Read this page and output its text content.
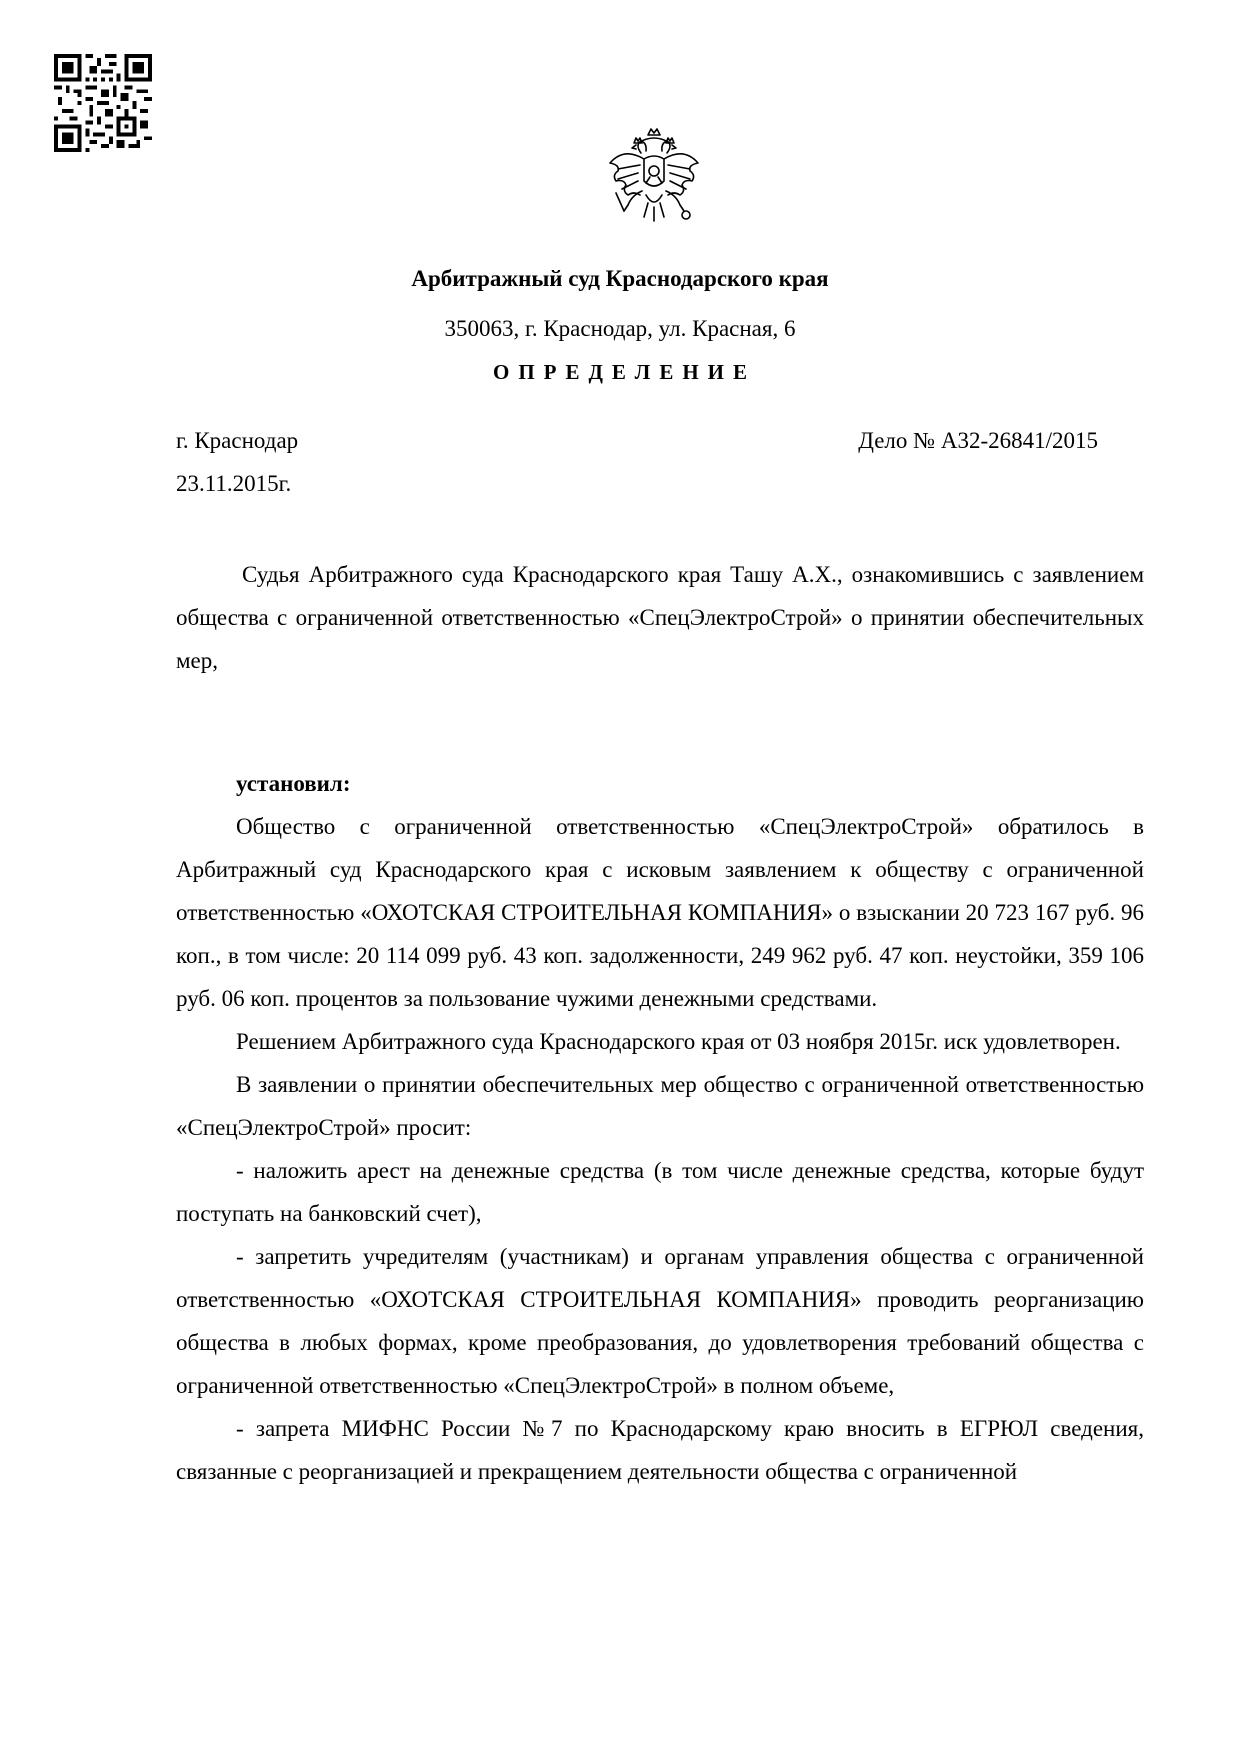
Арбитражный суд Краснодарского края
350063, г. Краснодар, ул. Красная, 6
ОПРЕДЕЛЕНИЕ
г. Краснодар	Дело № А32-26841/2015
23.11.2015г.

Судья Арбитражного суда Краснодарского края Ташу А.Х., ознакомившись с заявлением общества с ограниченной ответственностью «СпецЭлектроСтрой» о принятии обеспечительных мер,

установил:

Общество с ограниченной ответственностью «СпецЭлектроСтрой» обратилось в Арбитражный суд Краснодарского края с исковым заявлением к обществу с ограниченной ответственностью «ОХОТСКАЯ СТРОИТЕЛЬНАЯ КОМПАНИЯ» о взыскании 20 723 167 руб. 96 коп., в том числе: 20 114 099 руб. 43 коп. задолженности, 249 962 руб. 47 коп. неустойки, 359 106 руб. 06 коп. процентов за пользование чужими денежными средствами.

Решением Арбитражного суда Краснодарского края от 03 ноября 2015г. иск удовлетворен.

В заявлении о принятии обеспечительных мер общество с ограниченной ответственностью «СпецЭлектроСтрой» просит:

- наложить арест на денежные средства (в том числе денежные средства, которые будут поступать на банковский счет),

- запретить учредителям (участникам) и органам управления общества с ограниченной ответственностью «ОХОТСКАЯ СТРОИТЕЛЬНАЯ КОМПАНИЯ» проводить реорганизацию общества в любых формах, кроме преобразования, до удовлетворения требований общества с ограниченной ответственностью «СпецЭлектроСтрой» в полном объеме,

- запрета МИФНС России №7 по Краснодарскому краю вносить в ЕГРЮЛ сведения, связанные с реорганизацией и прекращением деятельности общества с ограниченной
